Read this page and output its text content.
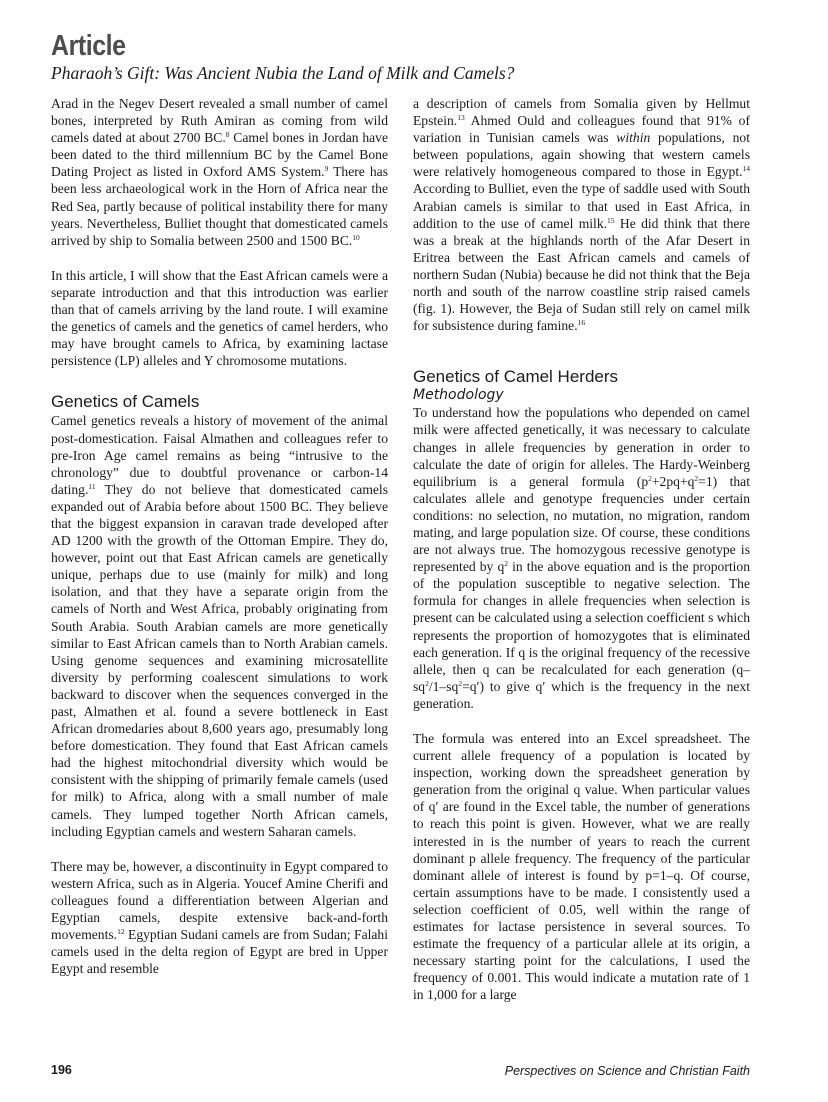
Article
Pharaoh’s Gift: Was Ancient Nubia the Land of Milk and Camels?

Arad in the Negev Desert revealed a small number of camel bones, interpreted by Ruth Amiran as coming from wild camels dated at about 2700 BC.$^8$ Camel bones in Jordan have been dated to the third millennium BC by the Camel Bone Dating Project as listed in Oxford AMS System.$^9$ There has been less archaeological work in the Horn of Africa near the Red Sea, partly because of political instability there for many years. Nevertheless, Bulliet thought that domesticated camels arrived by ship to Somalia between 2500 and 1500 BC.$^{10}$

In this article, I will show that the East African camels were a separate introduction and that this introduction was earlier than that of camels arriving by the land route. I will examine the genetics of camels and the genetics of camel herders, who may have brought camels to Africa, by examining lactase persistence (LP) alleles and Y chromosome mutations.

Genetics of Camels

Camel genetics reveals a history of movement of the animal post-domestication. Faisal Almathen and colleagues refer to pre-Iron Age camel remains as being “intrusive to the chronology” due to doubtful provenance or carbon-14 dating.$^{11}$ They do not believe that domesticated camels expanded out of Arabia before about 1500 BC. They believe that the biggest expansion in caravan trade developed after AD 1200 with the growth of the Ottoman Empire. They do, however, point out that East African camels are genetically unique, perhaps due to use (mainly for milk) and long isolation, and that they have a separate origin from the camels of North and West Africa, probably originating from South Arabia. South Arabian camels are more genetically similar to East African camels than to North Arabian camels. Using genome sequences and examining microsatellite diversity by performing coalescent simulations to work backward to discover when the sequences converged in the past, Almathen et al. found a severe bottleneck in East African dromedaries about 8,600 years ago, presumably long before domestication. They found that East African camels had the highest mitochondrial diversity which would be consistent with the shipping of primarily female camels (used for milk) to Africa, along with a small number of male camels. They lumped together North African camels, including Egyptian camels and western Saharan camels.

There may be, however, a discontinuity in Egypt compared to western Africa, such as in Algeria. Youcef Amine Cherifi and colleagues found a differentiation between Algerian and Egyptian camels, despite extensive back-and-forth movements.$^{12}$ Egyptian Sudani camels are from Sudan; Falahi camels used in the delta region of Egypt are bred in Upper Egypt and resemble

a description of camels from Somalia given by Hellmut Epstein.$^{13}$ Ahmed Ould and colleagues found that 91% of variation in Tunisian camels was within populations, not between populations, again showing that western camels were relatively homogeneous compared to those in Egypt.$^{14}$ According to Bulliet, even the type of saddle used with South Arabian camels is similar to that used in East Africa, in addition to the use of camel milk.$^{15}$ He did think that there was a break at the highlands north of the Afar Desert in Eritrea between the East African camels and camels of northern Sudan (Nubia) because he did not think that the Beja north and south of the narrow coastline strip raised camels (fig. 1). However, the Beja of Sudan still rely on camel milk for subsistence during famine.$^{16}$

Genetics of Camel Herders
Methodology

To understand how the populations who depended on camel milk were affected genetically, it was necessary to calculate changes in allele frequencies by generation in order to calculate the date of origin for alleles. The Hardy-Weinberg equilibrium is a general formula $(p^2+2pq+q^2=1)$ that calculates allele and genotype frequencies under certain conditions: no selection, no mutation, no migration, random mating, and large population size. Of course, these conditions are not always true. The homozygous recessive genotype is represented by $q^2$ in the above equation and is the proportion of the population susceptible to negative selection. The formula for changes in allele frequencies when selection is present can be calculated using a selection coefficient s which represents the proportion of homozygotes that is eliminated each generation. If q is the original frequency of the recessive allele, then q can be recalculated for each generation $(q-sq^2/1-sq^2=q')$ to give q′ which is the frequency in the next generation.

The formula was entered into an Excel spreadsheet. The current allele frequency of a population is located by inspection, working down the spreadsheet generation by generation from the original q value. When particular values of q′ are found in the Excel table, the number of generations to reach this point is given. However, what we are really interested in is the number of years to reach the current dominant p allele frequency. The frequency of the particular dominant allele of interest is found by p=1–q. Of course, certain assumptions have to be made. I consistently used a selection coefficient of 0.05, well within the range of estimates for lactase persistence in several sources. To estimate the frequency of a particular allele at its origin, a necessary starting point for the calculations, I used the frequency of 0.001. This would indicate a mutation rate of 1 in 1,000 for a large

196	Perspectives on Science and Christian Faith
